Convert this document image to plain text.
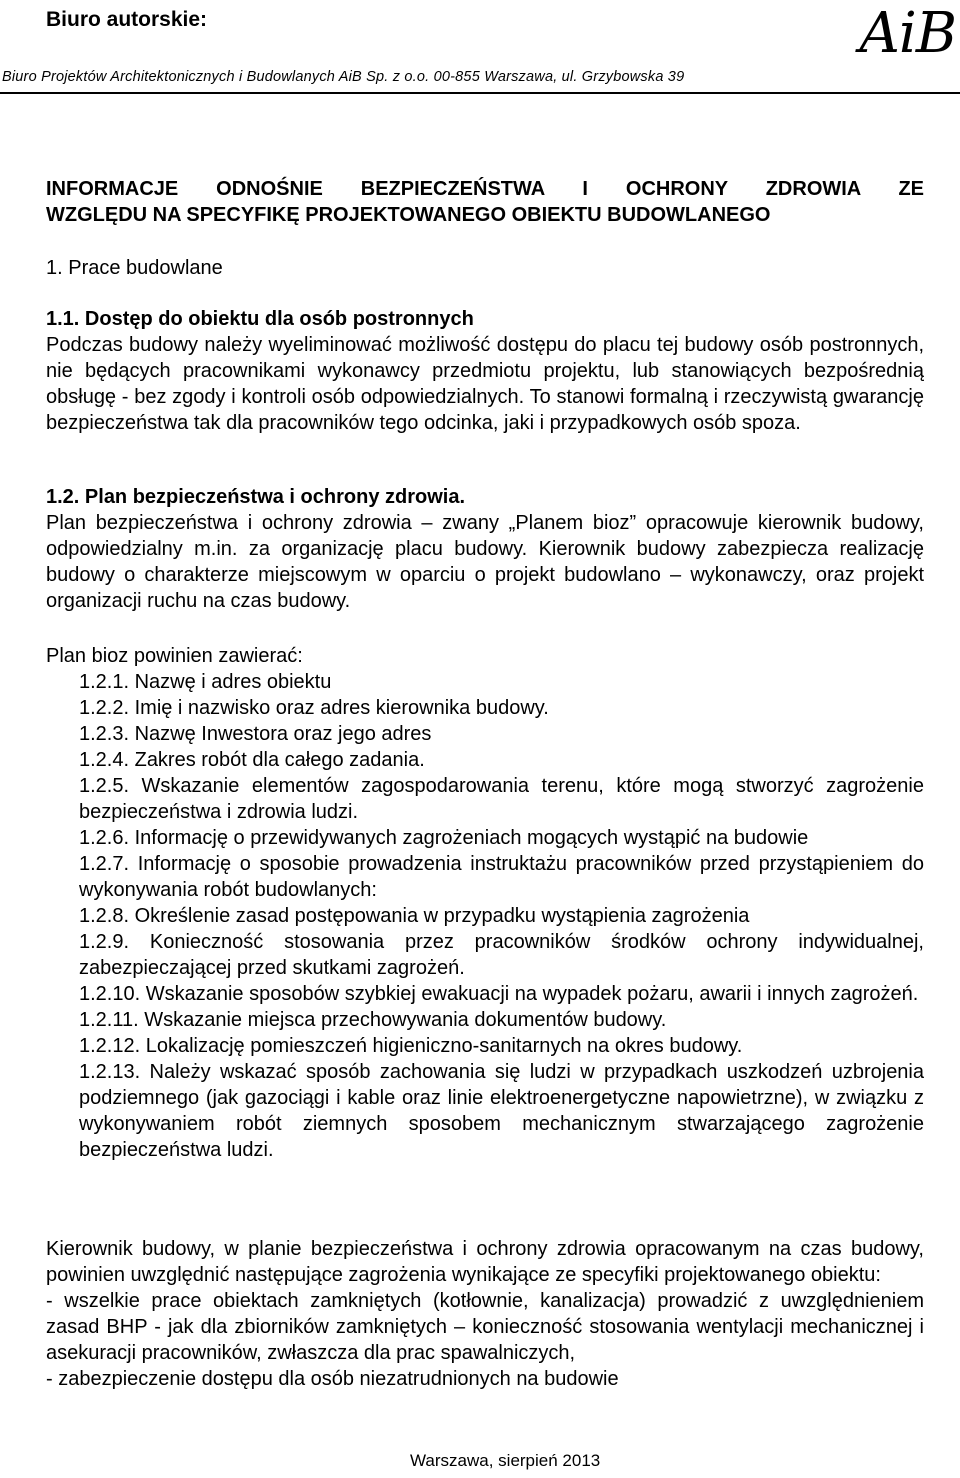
Biuro autorskie:	AiB
Biuro Projektów Architektonicznych i Budowlanych AiB Sp. z o.o. 00-855 Warszawa, ul. Grzybowska 39
INFORMACJE ODNOŚNIE BEZPIECZEŃSTWA I OCHRONY ZDROWIA ZE
WZGLĘDU NA SPECYFIKĘ PROJEKTOWANEGO OBIEKTU BUDOWLANEGO
1. Prace budowlane

1.1. Dostęp do obiektu dla osób postronnych

Podczas budowy należy wyeliminować możliwość dostępu do placu tej budowy osób postronnych, nie będących pracownikami wykonawcy przedmiotu projektu, lub stanowiących bezpośrednią obsługę - bez zgody i kontroli osób odpowiedzialnych. To stanowi formalną i rzeczywistą gwarancję bezpieczeństwa tak dla pracowników tego odcinka, jaki i przypadkowych osób spoza.

1.2. Plan bezpieczeństwa i ochrony zdrowia.

Plan bezpieczeństwa i ochrony zdrowia – zwany „Planem bioz” opracowuje kierownik budowy, odpowiedzialny m.in. za organizację placu budowy. Kierownik budowy zabezpiecza realizację budowy o charakterze miejscowym w oparciu o projekt budowlano – wykonawczy, oraz projekt organizacji ruchu na czas budowy.

Plan bioz powinien zawierać:

1.2.1. Nazwę i adres obiektu
1.2.2. Imię i nazwisko oraz adres kierownika budowy.
1.2.3. Nazwę Inwestora oraz jego adres
1.2.4. Zakres robót dla całego zadania.
1.2.5. Wskazanie elementów zagospodarowania terenu, które mogą stworzyć zagrożenie bezpieczeństwa i zdrowia ludzi.
1.2.6. Informację o przewidywanych zagrożeniach mogących wystąpić na budowie
1.2.7. Informację o sposobie prowadzenia instruktażu pracowników przed przystąpieniem do wykonywania robót budowlanych:
1.2.8. Określenie zasad postępowania w przypadku wystąpienia zagrożenia
1.2.9. Konieczność stosowania przez pracowników środków ochrony indywidualnej, zabezpieczającej przed skutkami zagrożeń.
1.2.10. Wskazanie sposobów szybkiej ewakuacji na wypadek pożaru, awarii i innych zagrożeń.
1.2.11. Wskazanie miejsca przechowywania dokumentów budowy.
1.2.12. Lokalizację pomieszczeń higieniczno-sanitarnych na okres budowy.
1.2.13. Należy wskazać sposób zachowania się ludzi w przypadkach uszkodzeń uzbrojenia podziemnego (jak gazociągi i kable oraz linie elektroenergetyczne napowietrzne), w związku z wykonywaniem robót ziemnych sposobem mechanicznym stwarzającego zagrożenie bezpieczeństwa ludzi.

Kierownik budowy, w planie bezpieczeństwa i ochrony zdrowia opracowanym na czas budowy, powinien uwzględnić następujące zagrożenia wynikające ze specyfiki projektowanego obiektu:

- wszelkie prace obiektach zamkniętych (kotłownie, kanalizacja) prowadzić z uwzględnieniem zasad BHP - jak dla zbiorników zamkniętych – konieczność stosowania wentylacji mechanicznej i asekuracji pracowników, zwłaszcza dla prac spawalniczych,

- zabezpieczenie dostępu dla osób niezatrudnionych na budowie

Warszawa, sierpień 2013
